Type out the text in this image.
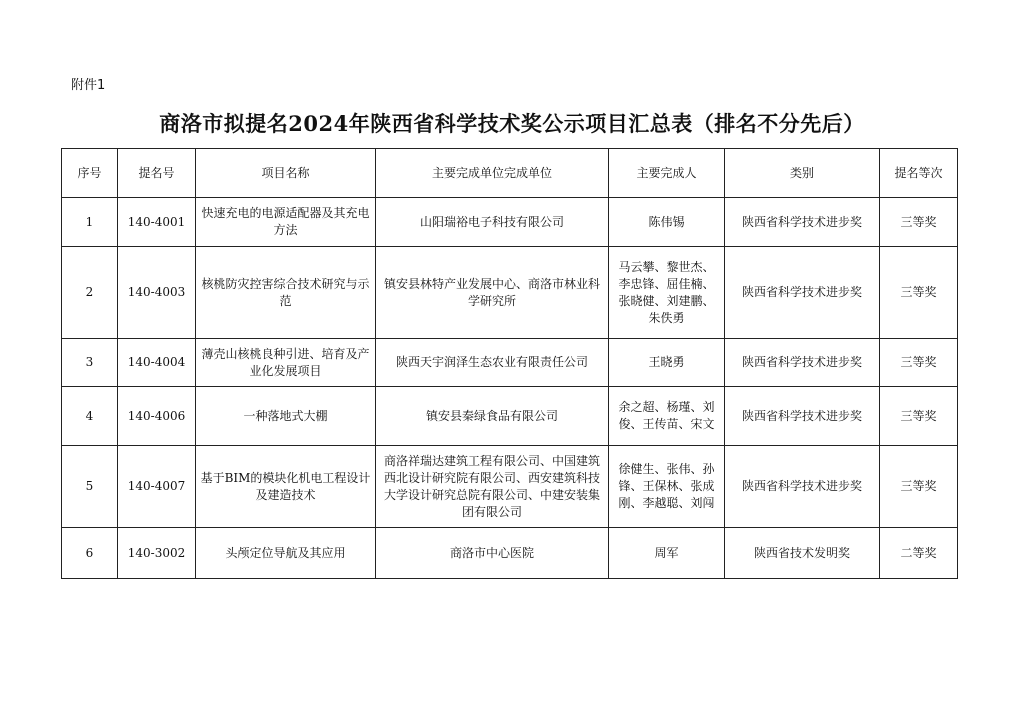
附件1
商洛市拟提名2024年陕西省科学技术奖公示项目汇总表（排名不分先后）
序号	提名号	项目名称	主要完成单位完成单位	主要完成人	类别	提名等次
1	140-4001	快速充电的电源适配器及其充电方法	山阳瑞裕电子科技有限公司	陈伟锡	陕西省科学技术进步奖	三等奖
2	140-4003	核桃防灾控害综合技术研究与示范	镇安县林特产业发展中心、商洛市林业科学研究所	马云攀、黎世杰、李忠锋、屈佳楠、张晓健、刘建鹏、朱佚勇	陕西省科学技术进步奖	三等奖
3	140-4004	薄壳山核桃良种引进、培育及产业化发展项目	陕西天宇润泽生态农业有限责任公司	王晓勇	陕西省科学技术进步奖	三等奖
4	140-4006	一种落地式大棚	镇安县秦绿食品有限公司	余之超、杨瑾、刘俊、王传苗、宋文	陕西省科学技术进步奖	三等奖
5	140-4007	基于BIM的模块化机电工程设计及建造技术	商洛祥瑞达建筑工程有限公司、中国建筑西北设计研究院有限公司、西安建筑科技大学设计研究总院有限公司、中建安装集团有限公司	徐健生、张伟、孙锋、王保林、张成刚、李越聪、刘闯	陕西省科学技术进步奖	三等奖
6	140-3002	头颅定位导航及其应用	商洛市中心医院	周军	陕西省技术发明奖	二等奖
